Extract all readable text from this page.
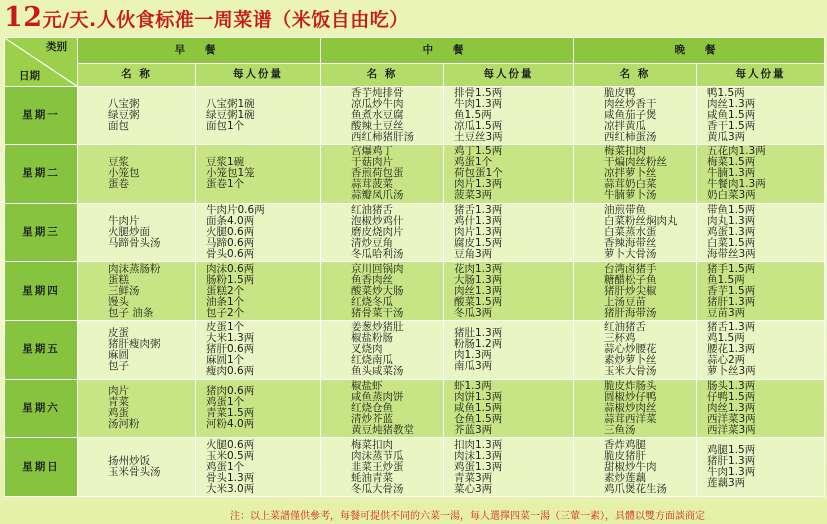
12元/天.人伙食标准一周菜谱（米饭自由吃）
类别
日期	早 餐		中 餐		晚 餐	
	名 称	每人份量	名 称	每人份量	名 称	每人份量
星期一	八宝粥
绿豆粥
面包	八宝粥1碗
绿豆粥1碗
面包1个	香芋炖排骨
凉瓜炒牛肉
鱼煮水豆腐
酸辣土豆丝
西红柿猪肝汤	排骨1.5两
牛肉1.3两
鱼1.5两
凉瓜1.5两
土豆丝3两	脆皮鸭
肉丝炒香干
咸鱼茄子煲
凉拌黄瓜
西红柿蛋汤	鸭1.5两
肉丝1.3两
咸鱼1.5两
香干1.5两
黄瓜3两

星期二	豆浆
小笼包
蛋卷	豆浆1碗
小笼包1笼
蛋卷1个	宫爆鸡丁
干菇肉片
香煎荷包蛋
蒜茸菠菜
蒜瓣凤爪汤	鸡丁1.5两
鸡蛋1个
荷包蛋1个
肉片1.3两
菠菜3两	梅菜扣肉
干煸肉丝粉丝
凉拌萝卜丝
蒜茸奶白菜
牛腩萝卜汤	五花肉1.3两
梅菜1.5两
牛腩1.3两
牛餐肉1.3两
奶白菜3两

星期三	牛肉片
火腿炒面
马蹄骨头汤	牛肉片0.6两
面条4.0两
火腿0.6两
马蹄0.6两
骨头0.6两	红油猪舌
泡椒炒鸡什
磨皮烧肉片
清炒豆角
冬瓜哈利汤	猪舌1.3两
鸡什1.3两
肉片1.3两
腐皮1.5两
豆角3两	油煎带鱼
白菜粉丝焖肉丸
白菜蒸水蛋
香辣海带丝
萝卜大骨汤	带鱼1.5两
肉丸1.3两
鸡蛋1.3两
白菜1.5两
海带丝3两

星期四	肉沫蒸肠粉
蛋糕
三鲜汤
馒头
包子 油条	肉沫0.6两
肠粉1.5两
蛋糕2个
油条1个
包子2个	京川回锅肉
鱼香肉丝
酸菜炒大肠
红烧冬瓜
猪骨菜干汤	花肉1.3两
大肠1.3两
肉丝1.3两
酸菜1.5两
冬瓜3两	台湾卤猪手
糖醋松子鱼
猪肝炒尖椒
上汤豆苗
猪肝海带汤	猪手1.5两
鱼1.5两
香芋1.5两
猪肝1.3两
豆苗3两

星期五	皮蛋
猪肝瘦肉粥
麻圆
包子	皮蛋1个
大米1.3两
猪肝0.6两
麻圆1个
瘦肉0.6两	姜葱炒猪肚
椒盐粉肠
叉烧肉
红烧南瓜
鱼头咸菜汤	猪肚1.3两
粉肠1.2两
肉1.3两
南瓜3两	红油猪舌
三杯鸡
蒜心炒腰花
素炒萝卜丝
玉米大骨汤	猪舌1.3两
鸡1.5两
腰花1.3两
蒜心2两
萝卜丝3两

星期六	肉片
青菜
鸡蛋
汤河粉	猪肉0.6两
鸡蛋1个
青菜1.5两
河粉4.0两	椒盐虾
咸鱼蒸肉饼
红烧仓鱼
清炒芥蓝
黄豆炖猪教堂	虾1.3两
肉饼1.3两
咸鱼1.5两
仓鱼1.5两
芥蓝3两	脆皮炸肠头
圆椒炒仔鸭
蒜椒炒肉丝
蒜茸西洋菜
三鱼汤	肠头1.3两
仔鸭1.5两
肉丝1.3两
西洋菜3两
西洋菜3两

星期日	扬州炒饭
玉米骨头汤	火腿0.6两
玉米0.5两
鸡蛋1个
骨头1.3两
大米3.0两	梅菜扣肉
肉沫蒸节瓜
韭菜王炒蛋
蚝油青菜
冬瓜大骨汤	扣肉1.3两
肉沫1.3两
鸡蛋1.3两
青菜3两
菜心3两	香炸鸡腿
脆皮猪肝
甜椒炒牛肉
素炒莲藕
鸡爪煲花生汤	鸡腿1.5两
猪肝1.3两
牛肉1.3两
莲藕3两
注：以上菜譜僅供參考，每餐可提供不同的六菜一湯，每人選擇四菜一湯（三葷一素），具體以雙方面談商定
